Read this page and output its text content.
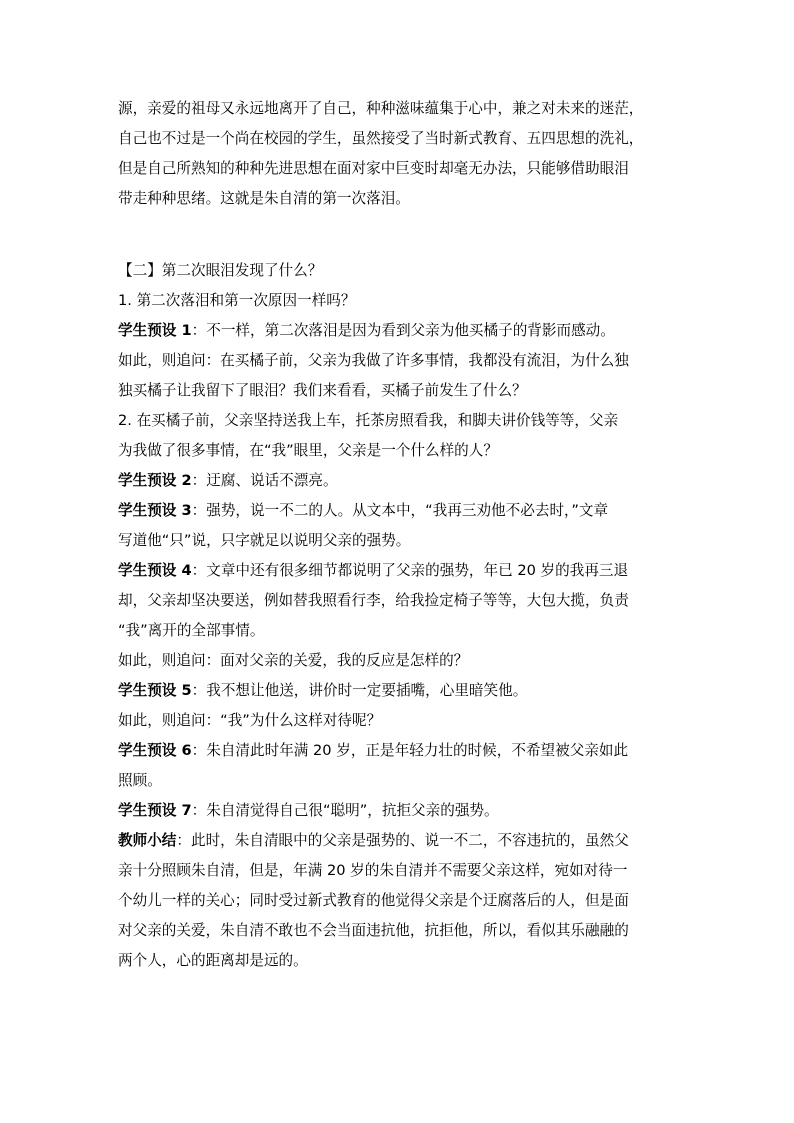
源，亲爱的祖母又永远地离开了自己，种种滋味蕴集于心中，兼之对未来的迷茫，
自己也不过是一个尚在校园的学生，虽然接受了当时新式教育、五四思想的洗礼，
但是自己所熟知的种种先进思想在面对家中巨变时却毫无办法，只能够借助眼泪
带走种种思绪。这就是朱自清的第一次落泪。
【二】第二次眼泪发现了什么？
1. 第二次落泪和第一次原因一样吗？
学生预设 1：不一样，第二次落泪是因为看到父亲为他买橘子的背影而感动。
如此，则追问：在买橘子前，父亲为我做了许多事情，我都没有流泪，为什么独
独买橘子让我留下了眼泪？我们来看看，买橘子前发生了什么？
2. 在买橘子前，父亲坚持送我上车，托茶房照看我，和脚夫讲价钱等等，父亲
为我做了很多事情，在“我”眼里，父亲是一个什么样的人？
学生预设 2：迂腐、说话不漂亮。
学生预设 3：强势，说一不二的人。从文本中，“我再三劝他不必去时，”文章
写道他“只”说，只字就足以说明父亲的强势。
学生预设 4：文章中还有很多细节都说明了父亲的强势，年已 20 岁的我再三退
却，父亲却坚决要送，例如替我照看行李，给我捡定椅子等等，大包大揽，负责
“我”离开的全部事情。
如此，则追问：面对父亲的关爱，我的反应是怎样的？
学生预设 5：我不想让他送，讲价时一定要插嘴，心里暗笑他。
如此，则追问：“我”为什么这样对待呢？
学生预设 6：朱自清此时年满 20 岁，正是年轻力壮的时候，不希望被父亲如此
照顾。
学生预设 7：朱自清觉得自己很“聪明”，抗拒父亲的强势。
教师小结：此时，朱自清眼中的父亲是强势的、说一不二，不容违抗的，虽然父
亲十分照顾朱自清，但是，年满 20 岁的朱自清并不需要父亲这样，宛如对待一
个幼儿一样的关心；同时受过新式教育的他觉得父亲是个迂腐落后的人，但是面
对父亲的关爱，朱自清不敢也不会当面违抗他，抗拒他，所以，看似其乐融融的
两个人，心的距离却是远的。
